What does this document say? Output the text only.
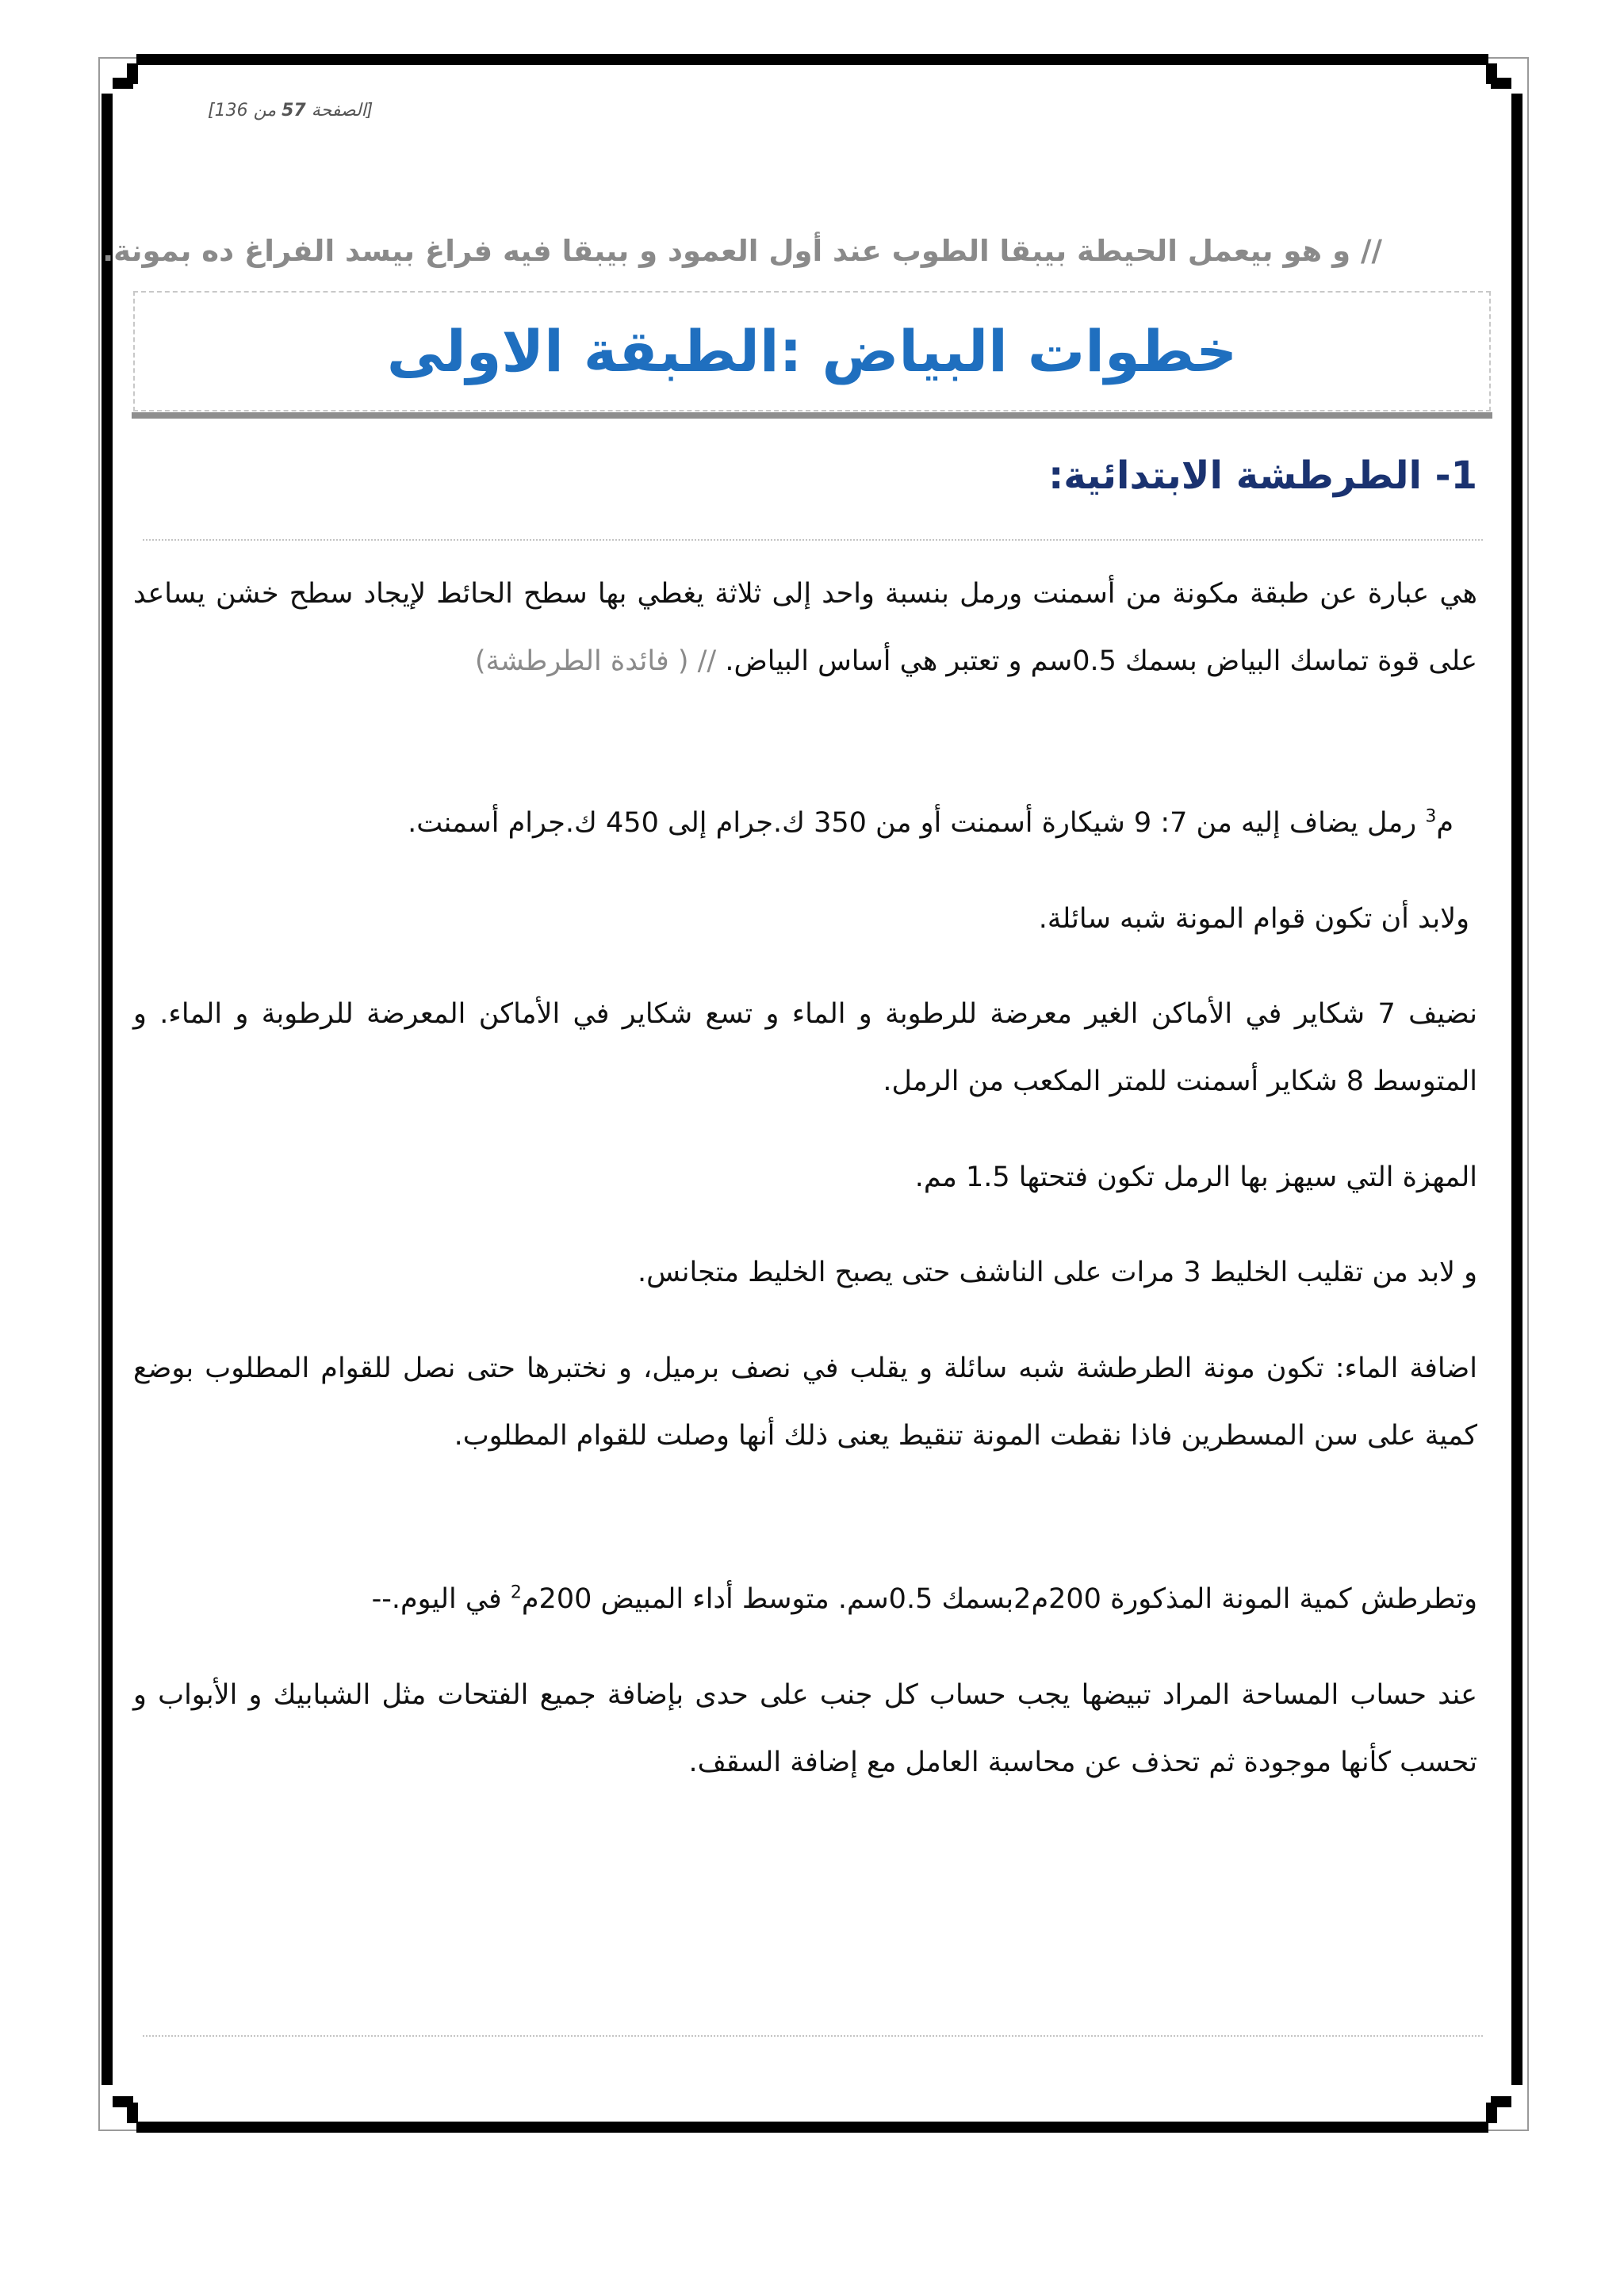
[الصفحة 57 من 136]

// و هو بيعمل الحيطة بيبقا الطوب عند أول العمود و بيبقا فيه فراغ بيسد الفراغ ده بمونة.

خطوات البياض :الطبقة الاولى
1- الطرطشة الابتدائية:

هي عبارة عن طبقة مكونة من أسمنت ورمل بنسبة واحد إلى ثلاثة يغطي بها سطح الحائط لإيجاد سطح خشن يساعد على قوة تماسك البياض بسمك 0.5سم و تعتبر هي أساس البياض. // ( فائدة الطرطشة)

م$^3$ رمل يضاف إليه من 7: 9 شيكارة أسمنت أو من 350 ك.جرام إلى 450 ك.جرام أسمنت.

ولابد أن تكون قوام المونة شبه سائلة.

نضيف 7 شكاير في الأماكن الغير معرضة للرطوبة و الماء و تسع شكاير في الأماكن المعرضة للرطوبة و الماء. و المتوسط 8 شكاير أسمنت للمتر المكعب من الرمل.

المهزة التي سيهز بها الرمل تكون فتحتها 1.5 مم.

و لابد من تقليب الخليط 3 مرات على الناشف حتى يصبح الخليط متجانس.

اضافة الماء: تكون مونة الطرطشة شبه سائلة و يقلب في نصف برميل، و نختبرها حتى نصل للقوام المطلوب بوضع كمية على سن المسطرين فاذا نقطت المونة تنقيط يعنى ذلك أنها وصلت للقوام المطلوب.

وتطرطش كمية المونة المذكورة 200م2بسمك 0.5سم. متوسط أداء المبيض 200م$^2$ في اليوم.--

عند حساب المساحة المراد تبيضها يجب حساب كل جنب على حدى بإضافة جميع الفتحات مثل الشبابيك و الأبواب و تحسب كأنها موجودة ثم تحذف عن محاسبة العامل مع إضافة السقف.
